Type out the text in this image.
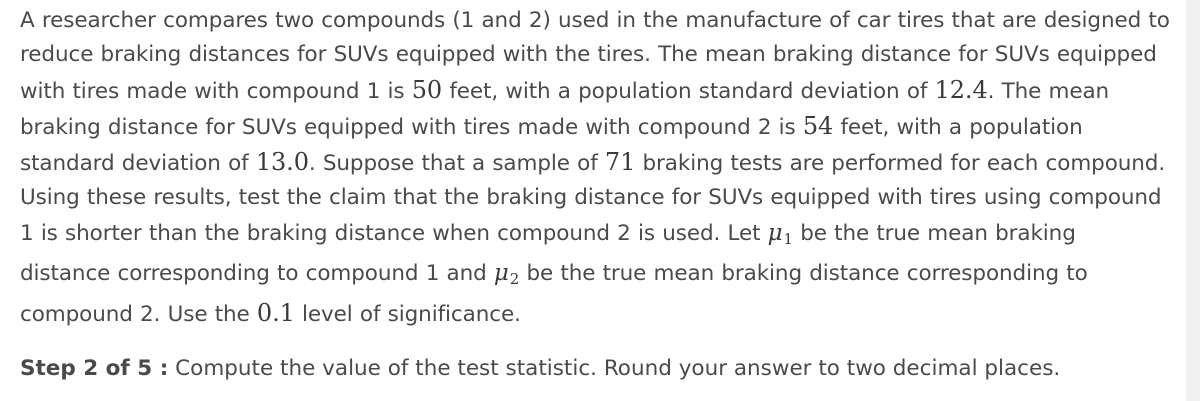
A researcher compares two compounds (1 and 2) used in the manufacture of car tires that are designed to reduce braking distances for SUVs equipped with the tires. The mean braking distance for SUVs equipped with tires made with compound 1 is 50 feet, with a population standard deviation of 12.4. The mean braking distance for SUVs equipped with tires made with compound 2 is 54 feet, with a population standard deviation of 13.0. Suppose that a sample of 71 braking tests are performed for each compound. Using these results, test the claim that the braking distance for SUVs equipped with tires using compound 1 is shorter than the braking distance when compound 2 is used. Let $\mu_1$ be the true mean braking distance corresponding to compound 1 and $\mu_2$ be the true mean braking distance corresponding to compound 2. Use the 0.1 level of significance.

Step 2 of 5 : Compute the value of the test statistic. Round your answer to two decimal places.
